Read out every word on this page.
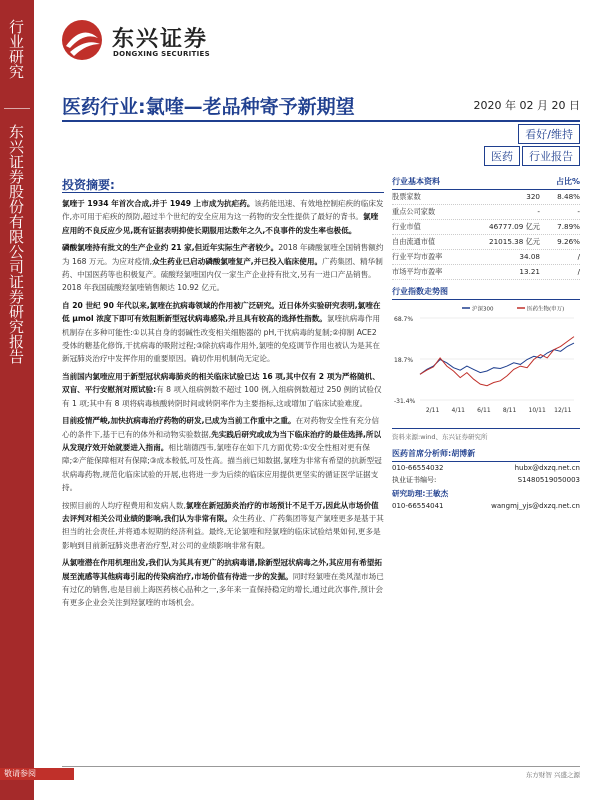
行
业
研
究
东
兴
证
券
股
份
有
限
公
司
证
券
研
究
报
告
东兴证券
DONGXING SECURITIES
医药行业:氯喹—老品种寄予新期望	2020 年 02 月 20 日
看好/维持
医药	行业报告
投资摘要:

氯喹于 1934 年首次合成,并于 1949 上市成为抗疟药。该药能迅速、有效地控制疟疾的临床发作,亦可用于疟疾的预防,超过半个世纪的安全应用为这一药物的安全性提供了最好的背书。氯喹应用的不良反应少见,既有证据表明抑使长期服用达数年之久,不良事件的发生率也极低。

磷酸氯喹持有批文的生产企业约 21 家,但近年实际生产者较少。2018 年磷酸氯喹全国销售额约为 168 万元。为应对疫情,众生药业已启动磷酸氯喹复产,并已投入临床使用。广药集团、精华制药、中国医药等也积极复产。硫酸羟氯喹国内仅一家生产企业持有批文,另有一进口产品销售。2018 年我国硫酸羟氯喹销售额达 10.92 亿元。

自 20 世纪 90 年代以来,氯喹在抗病毒领域的作用被广泛研究。近日体外实验研究表明,氯喹在低 μmol 浓度下即可有效阻断新型冠状病毒感染,并且具有较高的选择性指数。氯喹抗病毒作用机制存在多种可能性:①以其自身的弱碱性改变相关细胞器的 pH,干扰病毒的复制;②抑制 ACE2 受体的糖基化修饰,干扰病毒的吸附过程;③除抗病毒作用外,氯喹的免疫调节作用也被认为是其在新冠肺炎治疗中发挥作用的重要原因。确切作用机制尚无定论。

当前国内氯喹应用于新型冠状病毒肺炎的相关临床试验已达 16 项,其中仅有 2 项为严格随机、双盲、平行安慰剂对照试验:有 8 项入组病例数不超过 100 例,入组病例数超过 250 例的试验仅有 1 项;其中有 8 项将病毒核酸转阴时间或转阴率作为主要指标,这或增加了临床试验难度。

目前疫情严峻,加快抗病毒治疗药物的研发,已成为当前工作重中之重。在对药物安全性有充分信心的条件下,基于已有的体外和动物实验数据,先实践后研究或成为当下临床治疗的最佳选择,所以从发现疗效开始就要进入指南。相比瑞德西韦,氯喹存在如下几方面优势:①安全性相对更有保障;②产能保障相对有保障;③成本較低,可及性高。描当前已知数据,氯喹为非常有希望的抗新型冠状病毒药物,规范化临床试验的开展,也将进一步为后续的临床应用提供更坚实的循证医学证据支持。

按照目前的人均疗程费用和发病人数,氯喹在新冠肺炎治疗的市场预计不足千万,因此从市场价值去评判对相关公司业绩的影响,我们认为非常有限。众生药业、广药集团等复产氯喹更多是基于其担当的社会责任,并将通本短期的经济利益。最终,无论氯喹和羟氯喹的临床试验结果如何,更多是影响到目前新冠肺炎患者治疗型,对公司的业绩影响非常有限。

从氯喹潜在作用机理出发,我们认为其具有更广的抗病毒谱,除新型冠状病毒之外,其应用有希望拓展至流感等其他病毒引起的传染病治疗,市场价值有待进一步的发掘。同时羟氯喹在类风湿市场已有过亿的销售,也是目前上海医药核心品种之一,多年来一直保持稳定的增长,通过此次事件,预计会有更多企业会关注到羟氯喹的市场机会。

行业基本资料	占比%
股票家数	320	8.48%
重点公司家数	-	-
行业市值	46777.09 亿元	7.89%
自由流通市值	21015.38 亿元	9.26%
行业平均市盈率	34.08	/
市场平均市盈率	13.21	/
行业指数走势图
68.7%
18.7%
-31.4%
2/11 4/11 6/11 8/11 10/11 12/11
沪深300	医药生物(申万)
资料来源:wind、东兴证券研究所
医药首席分析师:胡博新
010-66554032	hubx@dxzq.net.cn
执业证书编号:	S1480519050003
研究助理:王敏杰
010-66554041	wangmj_yjs@dxzq.net.cn
敬请参阅	东方财智 兴盛之源
